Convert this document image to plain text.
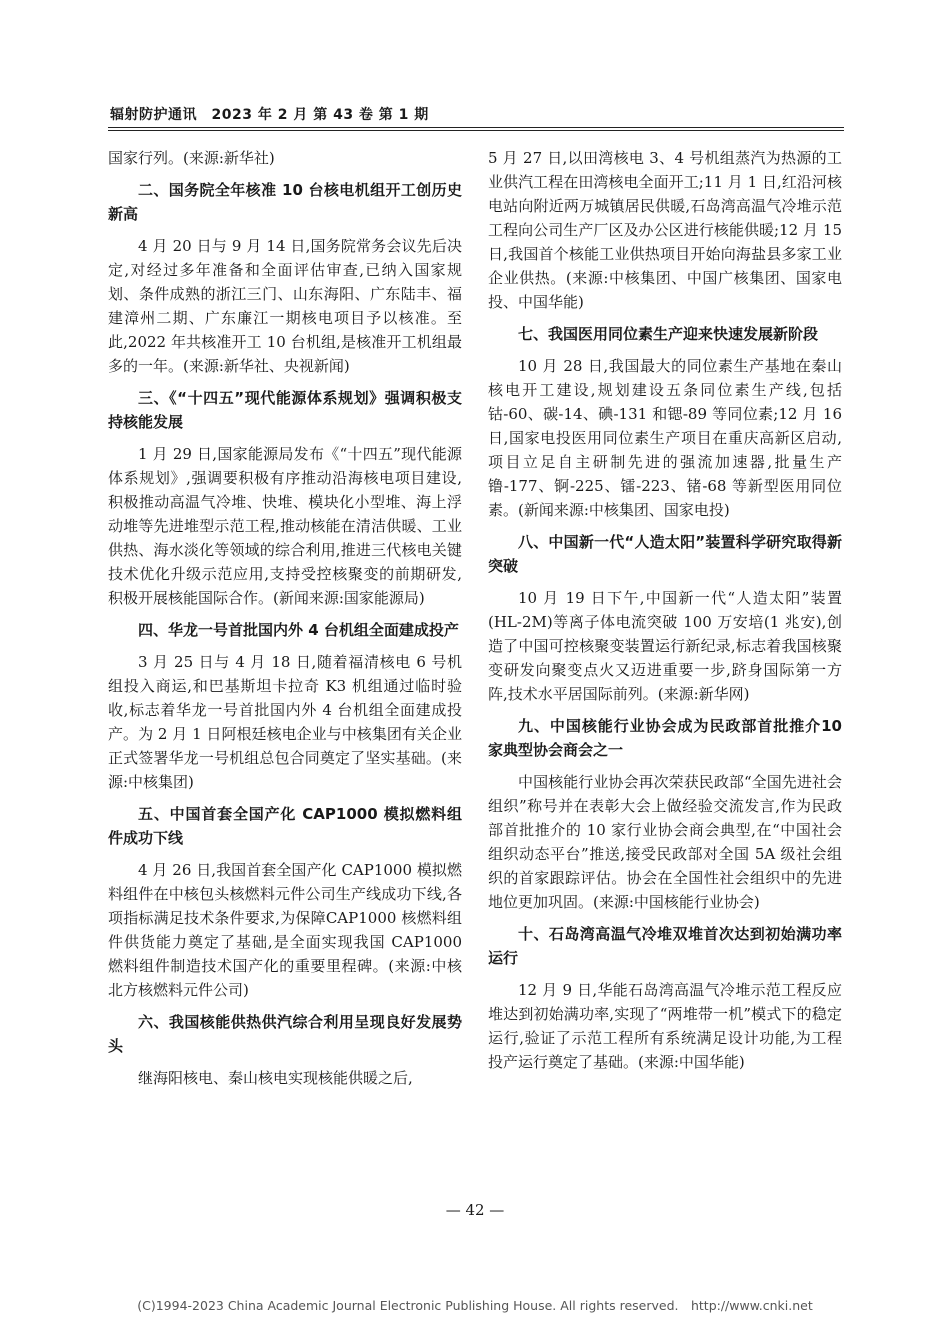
辐射防护通讯　2023 年 2 月 第 43 卷 第 1 期

国家行列。(来源:新华社)

二、国务院全年核准 10 台核电机组开工创历史新高

4 月 20 日与 9 月 14 日,国务院常务会议先后决定,对经过多年准备和全面评估审查,已纳入国家规划、条件成熟的浙江三门、山东海阳、广东陆丰、福建漳州二期、广东廉江一期核电项目予以核准。至此,2022 年共核准开工 10 台机组,是核准开工机组最多的一年。(来源:新华社、央视新闻)

三、《“十四五”现代能源体系规划》强调积极支持核能发展

1 月 29 日,国家能源局发布《“十四五”现代能源体系规划》,强调要积极有序推动沿海核电项目建设,积极推动高温气冷堆、快堆、模块化小型堆、海上浮动堆等先进堆型示范工程,推动核能在清洁供暖、工业供热、海水淡化等领域的综合利用,推进三代核电关键技术优化升级示范应用,支持受控核聚变的前期研发,积极开展核能国际合作。(新闻来源:国家能源局)

四、华龙一号首批国内外 4 台机组全面建成投产

3 月 25 日与 4 月 18 日,随着福清核电 6 号机组投入商运,和巴基斯坦卡拉奇 K3 机组通过临时验收,标志着华龙一号首批国内外 4 台机组全面建成投产。为 2 月 1 日阿根廷核电企业与中核集团有关企业正式签署华龙一号机组总包合同奠定了坚实基础。(来源:中核集团)

五、中国首套全国产化 CAP1000 模拟燃料组件成功下线

4 月 26 日,我国首套全国产化 CAP1000 模拟燃料组件在中核包头核燃料元件公司生产线成功下线,各项指标满足技术条件要求,为保障CAP1000 核燃料组件供货能力奠定了基础,是全面实现我国 CAP1000 燃料组件制造技术国产化的重要里程碑。(来源:中核北方核燃料元件公司)

六、我国核能供热供汽综合利用呈现良好发展势头

继海阳核电、秦山核电实现核能供暖之后,

5 月 27 日,以田湾核电 3、4 号机组蒸汽为热源的工业供汽工程在田湾核电全面开工;11 月 1 日,红沿河核电站向附近两万城镇居民供暖,石岛湾高温气冷堆示范工程向公司生产厂区及办公区进行核能供暖;12 月 15 日,我国首个核能工业供热项目开始向海盐县多家工业企业供热。(来源:中核集团、中国广核集团、国家电投、中国华能)

七、我国医用同位素生产迎来快速发展新阶段

10 月 28 日,我国最大的同位素生产基地在秦山核电开工建设,规划建设五条同位素生产线,包括钴-60、碳-14、碘-131 和锶-89 等同位素;12 月 16 日,国家电投医用同位素生产项目在重庆高新区启动,项目立足自主研制先进的强流加速器,批量生产镥-177、锕-225、镭-223、锗-68 等新型医用同位素。(新闻来源:中核集团、国家电投)

八、中国新一代“人造太阳”装置科学研究取得新突破

10 月 19 日下午,中国新一代“人造太阳”装置(HL-2M)等离子体电流突破 100 万安培(1 兆安),创造了中国可控核聚变装置运行新纪录,标志着我国核聚变研发向聚变点火又迈进重要一步,跻身国际第一方阵,技术水平居国际前列。(来源:新华网)

九、中国核能行业协会成为民政部首批推介10 家典型协会商会之一

中国核能行业协会再次荣获民政部“全国先进社会组织”称号并在表彰大会上做经验交流发言,作为民政部首批推介的 10 家行业协会商会典型,在“中国社会组织动态平台”推送,接受民政部对全国 5A 级社会组织的首家跟踪评估。协会在全国性社会组织中的先进地位更加巩固。(来源:中国核能行业协会)

十、石岛湾高温气冷堆双堆首次达到初始满功率运行

12 月 9 日,华能石岛湾高温气冷堆示范工程反应堆达到初始满功率,实现了“两堆带一机”模式下的稳定运行,验证了示范工程所有系统满足设计功能,为工程投产运行奠定了基础。(来源:中国华能)

— 42 —
(C)1994-2023 China Academic Journal Electronic Publishing House. All rights reserved.　http://www.cnki.net
